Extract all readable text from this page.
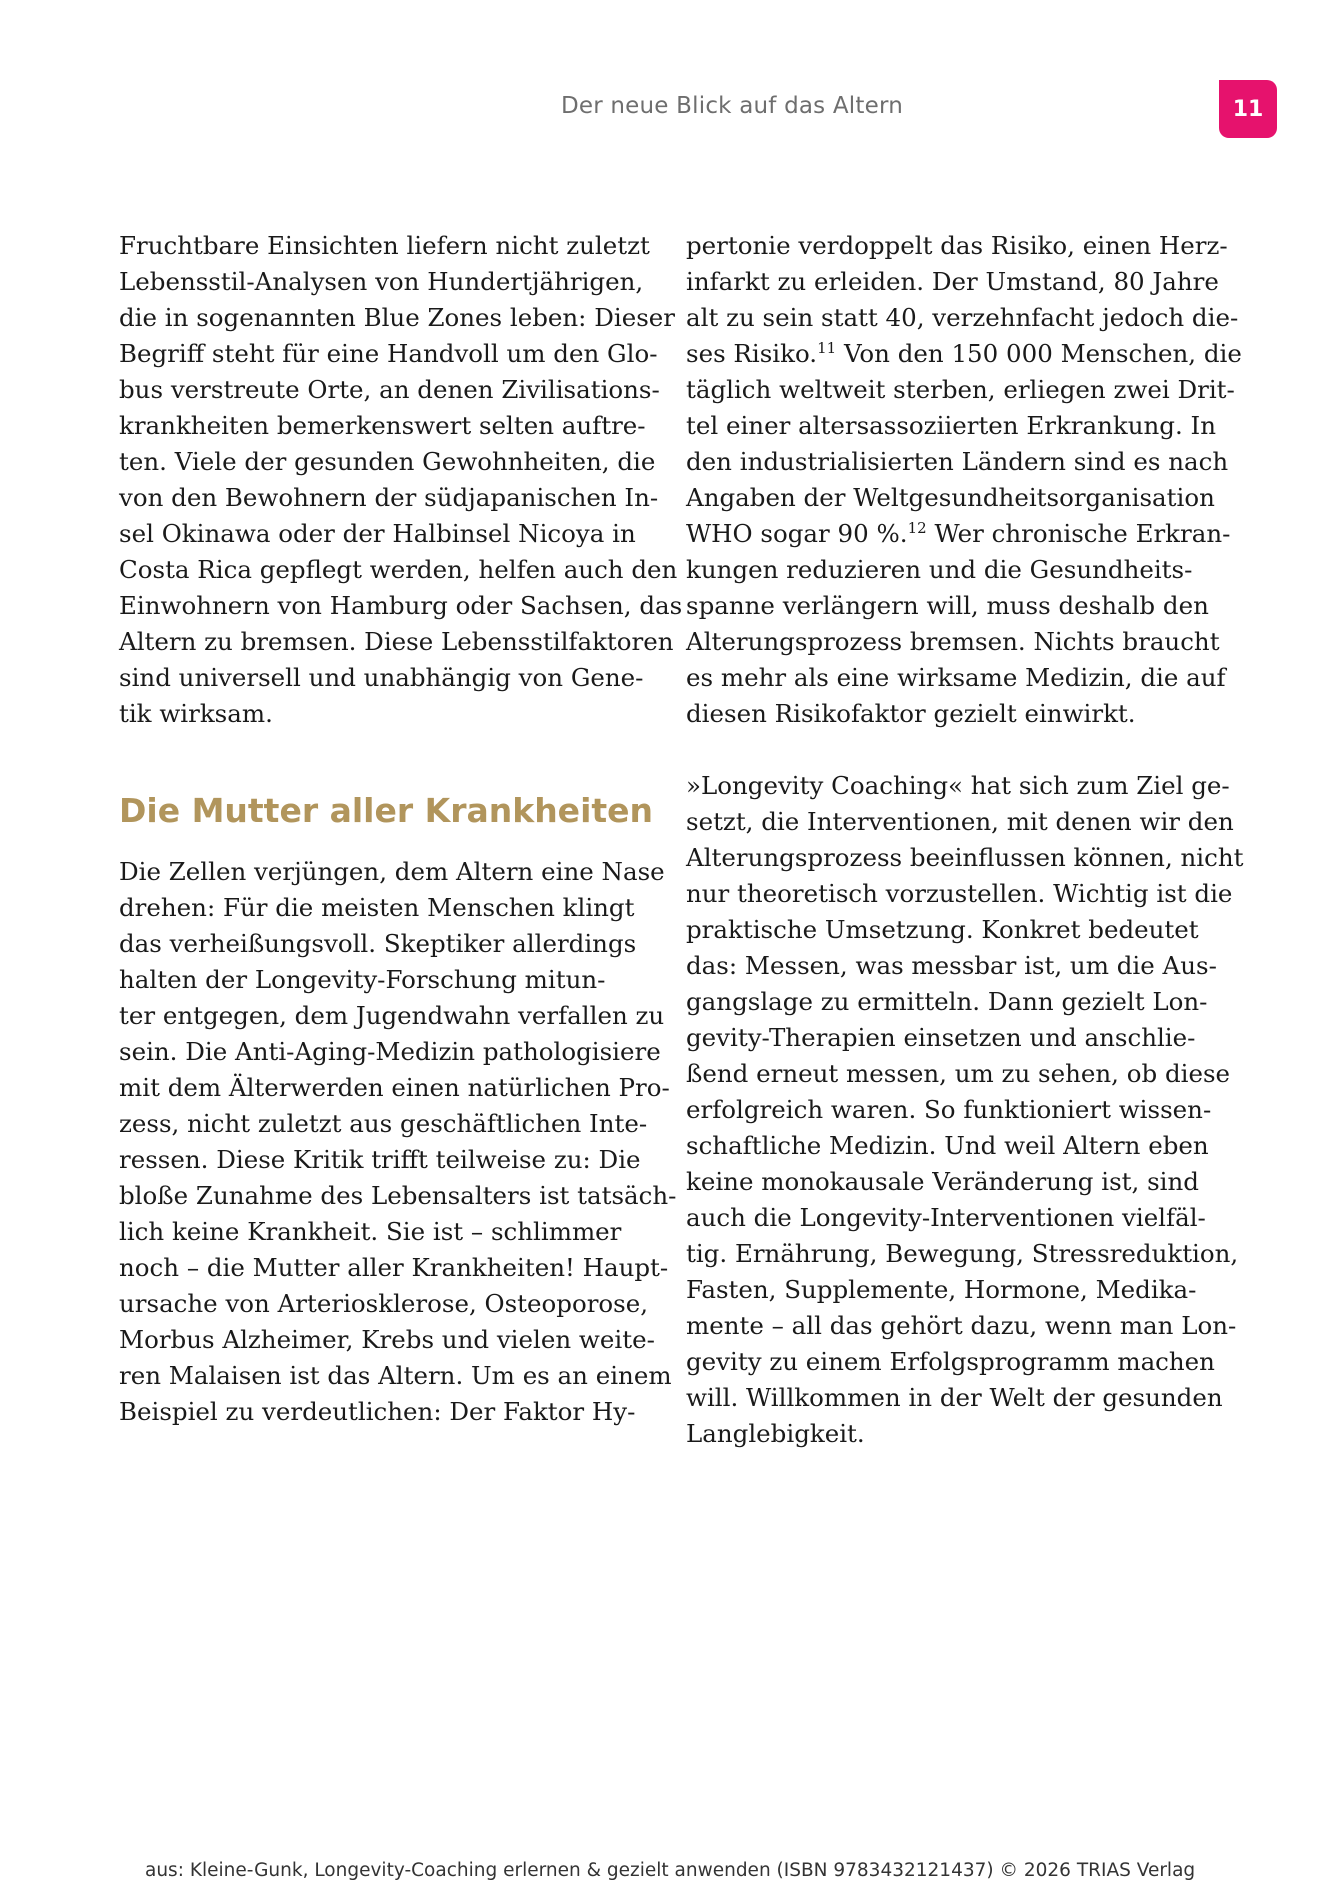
Der neue Blick auf das Altern	11
Fruchtbare Einsichten liefern nicht zuletzt
Lebensstil-Analysen von Hundertjährigen,
die in sogenannten Blue Zones leben: Dieser
Begriff steht für eine Handvoll um den Glo-
bus verstreute Orte, an denen Zivilisations-
krankheiten bemerkenswert selten auftre-
ten. Viele der gesunden Gewohnheiten, die
von den Bewohnern der südjapanischen In-
sel Okinawa oder der Halbinsel Nicoya in
Costa Rica gepflegt werden, helfen auch den
Einwohnern von Hamburg oder Sachsen, das
Altern zu bremsen. Diese Lebensstilfaktoren
sind universell und unabhängig von Gene-
tik wirksam.
Die Mutter aller Krankheiten
Die Zellen verjüngen, dem Altern eine Nase
drehen: Für die meisten Menschen klingt
das verheißungsvoll. Skeptiker allerdings
halten der Longevity-Forschung mitun-
ter entgegen, dem Jugendwahn verfallen zu
sein. Die Anti-Aging-Medizin pathologisiere
mit dem Älterwerden einen natürlichen Pro-
zess, nicht zuletzt aus geschäftlichen Inte-
ressen. Diese Kritik trifft teilweise zu: Die
bloße Zunahme des Lebensalters ist tatsäch-
lich keine Krankheit. Sie ist – schlimmer
noch – die Mutter aller Krankheiten! Haupt-
ursache von Arteriosklerose, Osteoporose,
Morbus Alzheimer, Krebs und vielen weite-
ren Malaisen ist das Altern. Um es an einem
Beispiel zu verdeutlichen: Der Faktor Hy-
pertonie verdoppelt das Risiko, einen Herz-
infarkt zu erleiden. Der Umstand, 80 Jahre
alt zu sein statt 40, verzehnfacht jedoch die-
ses Risiko.$^{11}$ Von den 150 000 Menschen, die
täglich weltweit sterben, erliegen zwei Drit-
tel einer altersassoziierten Erkrankung. In
den industrialisierten Ländern sind es nach
Angaben der Weltgesundheitsorganisation
WHO sogar 90 %.$^{12}$ Wer chronische Erkran-
kungen reduzieren und die Gesundheits-
spanne verlängern will, muss deshalb den
Alterungsprozess bremsen. Nichts braucht
es mehr als eine wirksame Medizin, die auf
diesen Risikofaktor gezielt einwirkt.
»Longevity Coaching« hat sich zum Ziel ge-
setzt, die Interventionen, mit denen wir den
Alterungsprozess beeinflussen können, nicht
nur theoretisch vorzustellen. Wichtig ist die
praktische Umsetzung. Konkret bedeutet
das: Messen, was messbar ist, um die Aus-
gangslage zu ermitteln. Dann gezielt Lon-
gevity-Therapien einsetzen und anschlie-
ßend erneut messen, um zu sehen, ob diese
erfolgreich waren. So funktioniert wissen-
schaftliche Medizin. Und weil Altern eben
keine monokausale Veränderung ist, sind
auch die Longevity-Interventionen vielfäl-
tig. Ernährung, Bewegung, Stressreduktion,
Fasten, Supplemente, Hormone, Medika-
mente – all das gehört dazu, wenn man Lon-
gevity zu einem Erfolgsprogramm machen
will. Willkommen in der Welt der gesunden
Langlebigkeit.
aus: Kleine-Gunk, Longevity-Coaching erlernen & gezielt anwenden (ISBN 9783432121437) © 2026 TRIAS Verlag
